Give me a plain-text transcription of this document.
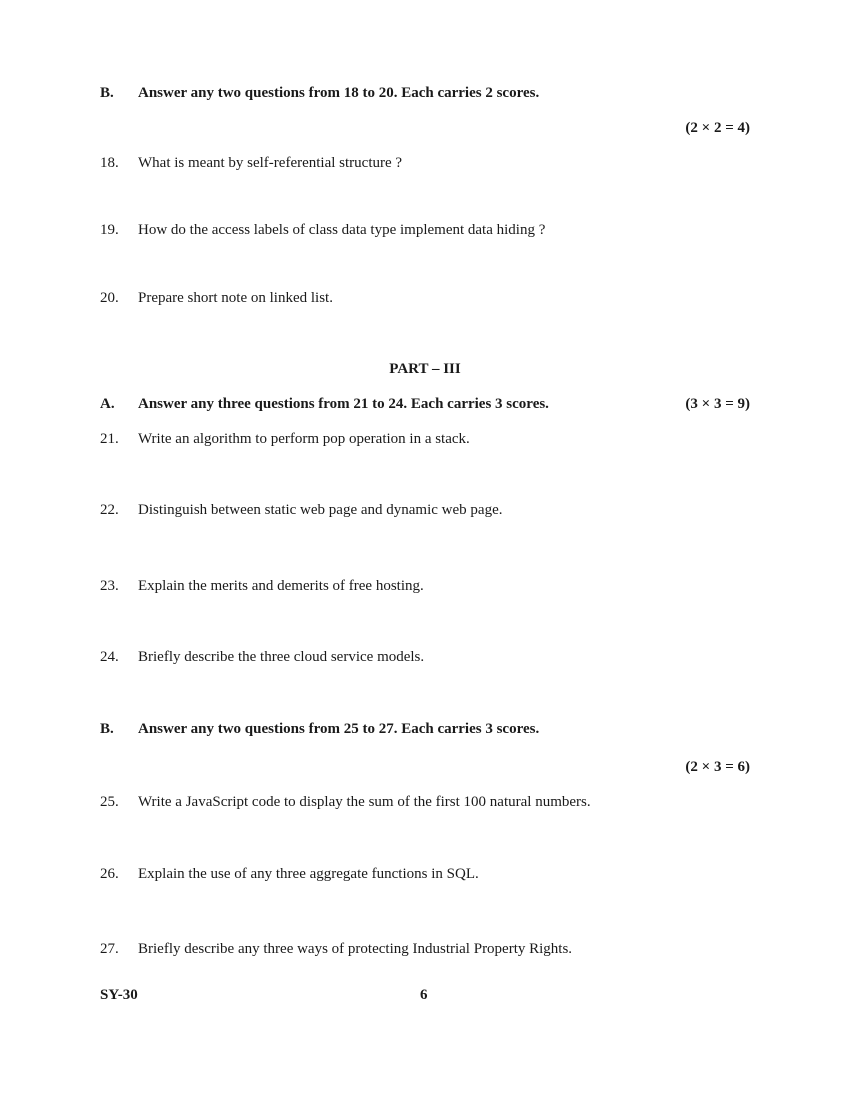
B. Answer any two questions from 18 to 20. Each carries 2 scores.
(2 × 2 = 4)
18. What is meant by self-referential structure ?
19. How do the access labels of class data type implement data hiding ?
20. Prepare short note on linked list.
PART – III
A. Answer any three questions from 21 to 24. Each carries 3 scores.	(3 × 3 = 9)
21. Write an algorithm to perform pop operation in a stack.
22. Distinguish between static web page and dynamic web page.
23. Explain the merits and demerits of free hosting.
24. Briefly describe the three cloud service models.
B. Answer any two questions from 25 to 27. Each carries 3 scores.
(2 × 3 = 6)
25. Write a JavaScript code to display the sum of the first 100 natural numbers.
26. Explain the use of any three aggregate functions in SQL.
27. Briefly describe any three ways of protecting Industrial Property Rights.
SY-30	6
